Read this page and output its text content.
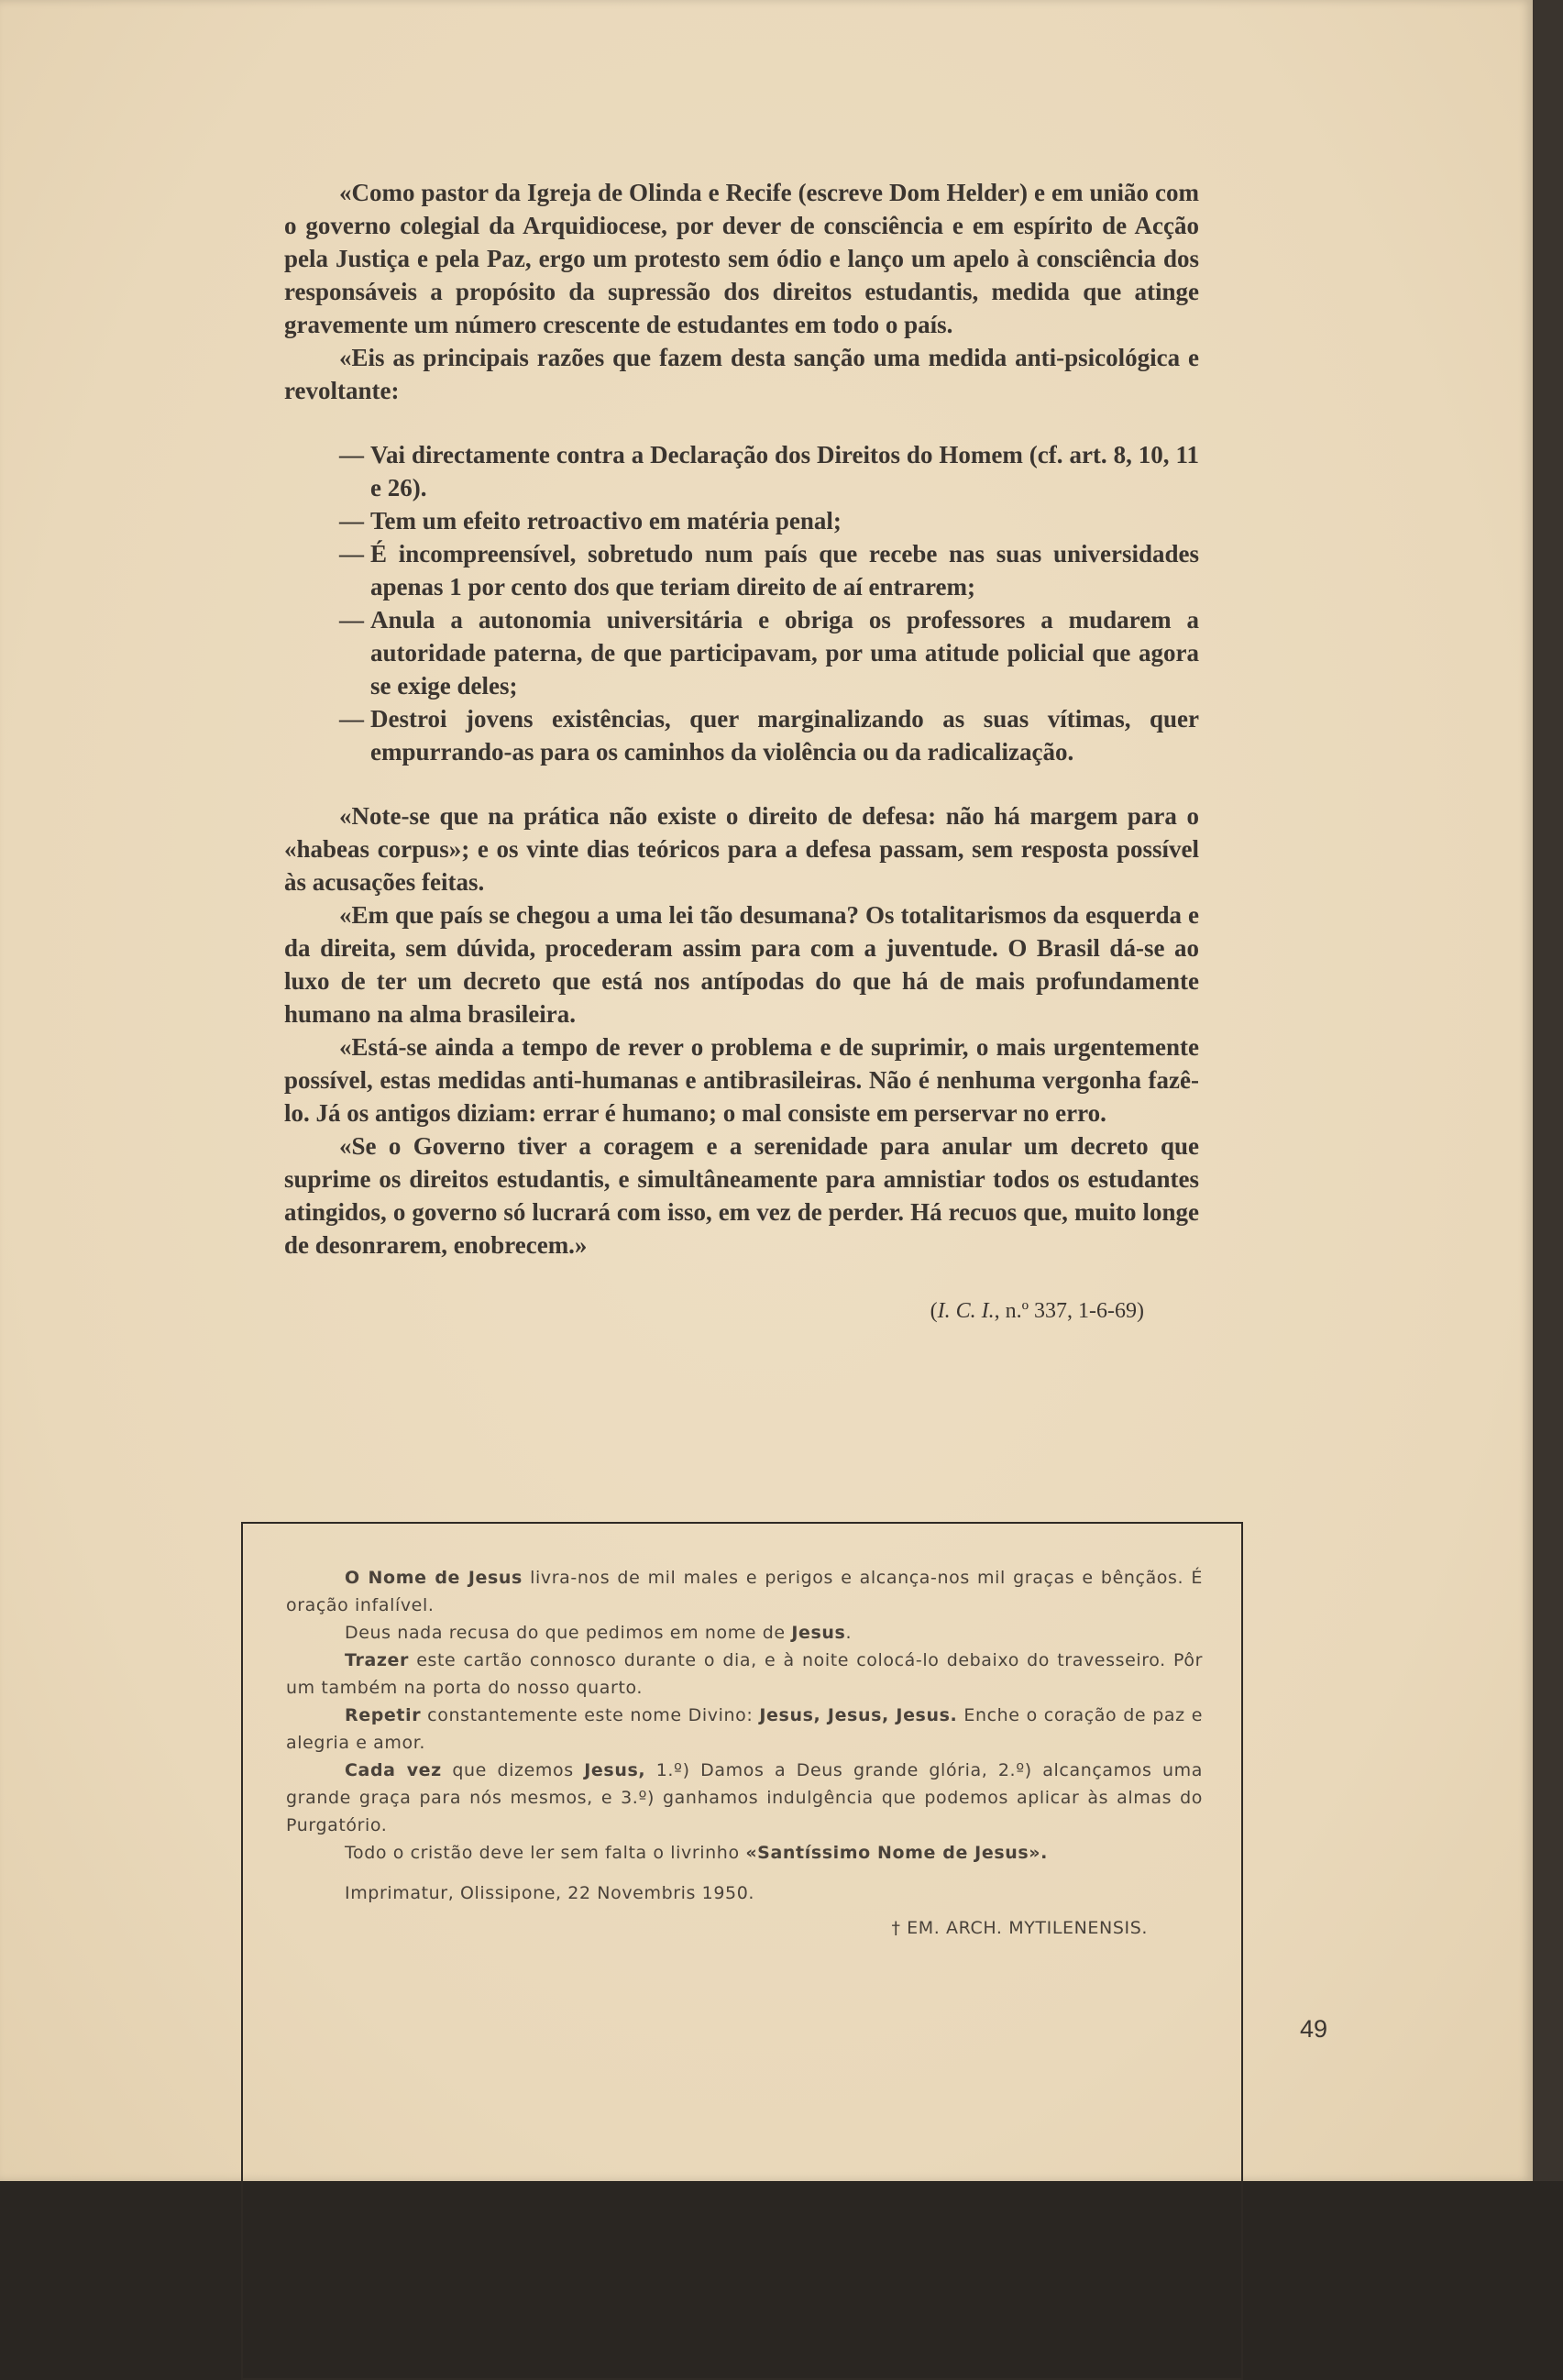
«Como pastor da Igreja de Olinda e Recife (escreve Dom Helder) e em união com o governo colegial da Arquidiocese, por dever de consciência e em espírito de Acção pela Justiça e pela Paz, ergo um protesto sem ódio e lanço um apelo à consciência dos responsáveis a propósito da supressão dos direitos estudantis, medida que atinge gravemente um número crescente de estudantes em todo o país.

«Eis as principais razões que fazem desta sanção uma medida anti-psicológica e revoltante:

— Vai directamente contra a Declaração dos Direitos do Homem (cf. art. 8, 10, 11 e 26).
— Tem um efeito retroactivo em matéria penal;
— É incompreensível, sobretudo num país que recebe nas suas universidades apenas 1 por cento dos que teriam direito de aí entrarem;
— Anula a autonomia universitária e obriga os professores a mudarem a autoridade paterna, de que participavam, por uma atitude policial que agora se exige deles;
— Destroi jovens existências, quer marginalizando as suas vítimas, quer empurrando-as para os caminhos da violência ou da radicalização.

«Note-se que na prática não existe o direito de defesa: não há margem para o «habeas corpus»; e os vinte dias teóricos para a defesa passam, sem resposta possível às acusações feitas.

«Em que país se chegou a uma lei tão desumana? Os totalitarismos da esquerda e da direita, sem dúvida, procederam assim para com a juventude. O Brasil dá-se ao luxo de ter um decreto que está nos antípodas do que há de mais profundamente humano na alma brasileira.

«Está-se ainda a tempo de rever o problema e de suprimir, o mais urgentemente possível, estas medidas anti-humanas e antibrasileiras. Não é nenhuma vergonha fazê-lo. Já os antigos diziam: errar é humano; o mal consiste em perservar no erro.

«Se o Governo tiver a coragem e a serenidade para anular um decreto que suprime os direitos estudantis, e simultâneamente para amnistiar todos os estudantes atingidos, o governo só lucrará com isso, em vez de perder. Há recuos que, muito longe de desonrarem, enobrecem.»

(I. C. I., n.º 337, 1-6-69)

O Nome de Jesus livra-nos de mil males e perigos e alcança-nos mil graças e bênçãos. É oração infalível.

Deus nada recusa do que pedimos em nome de Jesus.

Trazer este cartão connosco durante o dia, e à noite colocá-lo debaixo do travesseiro. Pôr um também na porta do nosso quarto.

Repetir constantemente este nome Divino: Jesus, Jesus, Jesus. Enche o coração de paz e alegria e amor.

Cada vez que dizemos Jesus, 1.º) Damos a Deus grande glória, 2.º) alcançamos uma grande graça para nós mesmos, e 3.º) ganhamos indulgência que podemos aplicar às almas do Purgatório.

Todo o cristão deve ler sem falta o livrinho «Santíssimo Nome de Jesus».

Imprimatur, Olissipone, 22 Novembris 1950.

† EM. ARCH. MYTILENENSIS.

49
